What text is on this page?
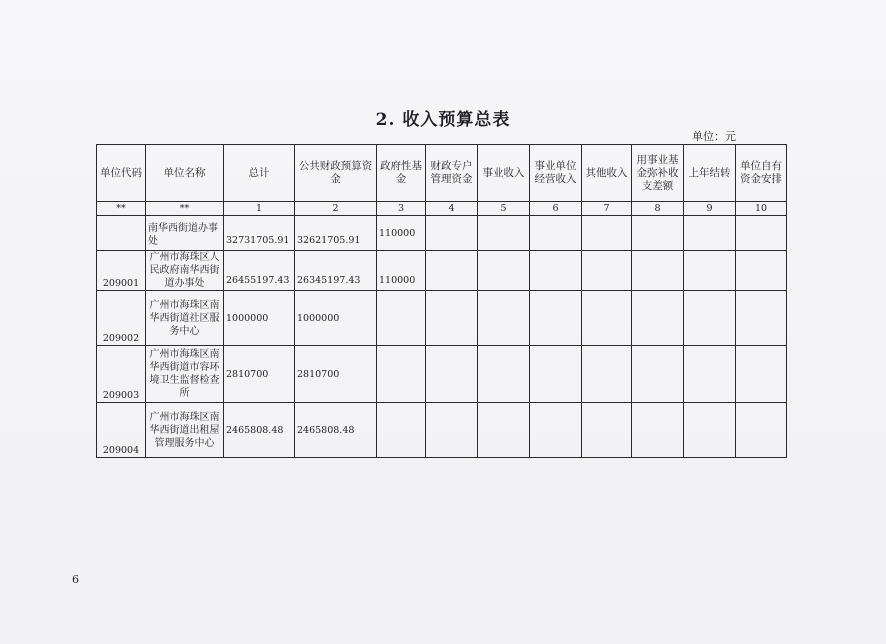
2. 收入预算总表
单位：元
单位代码	单位名称	总计	公共财政预算资金	政府性基金	财政专户管理资金	事业收入	事业单位经营收入	其他收入	用事业基金弥补收支差额	上年结转	单位自有资金安排
**	**	1	2	3	4	5	6	7	8	9	10
	南华西街道办事处	32731705.91	32621705.91	110000							
209001	广州市海珠区人民政府南华西街道办事处	26455197.43	26345197.43	110000							
209002	广州市海珠区南华西街道社区服务中心	1000000	1000000								
209003	广州市海珠区南华西街道市容环境卫生监督检查所	2810700	2810700								
209004	广州市海珠区南华西街道出租屋管理服务中心	2465808.48	2465808.48								
6
